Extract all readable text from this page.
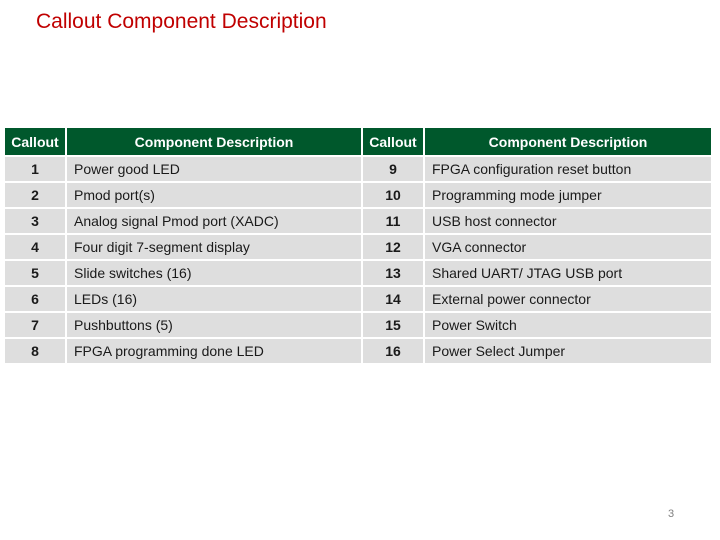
Callout Component Description
Callout	Component Description	Callout	Component Description
1	Power good LED	9	FPGA configuration reset button
2	Pmod port(s)	10	Programming mode jumper
3	Analog signal Pmod port (XADC)	11	USB host connector
4	Four digit 7-segment display	12	VGA connector
5	Slide switches (16)	13	Shared UART/ JTAG USB port
6	LEDs (16)	14	External power connector
7	Pushbuttons (5)	15	Power Switch
8	FPGA programming done LED	16	Power Select Jumper
3
